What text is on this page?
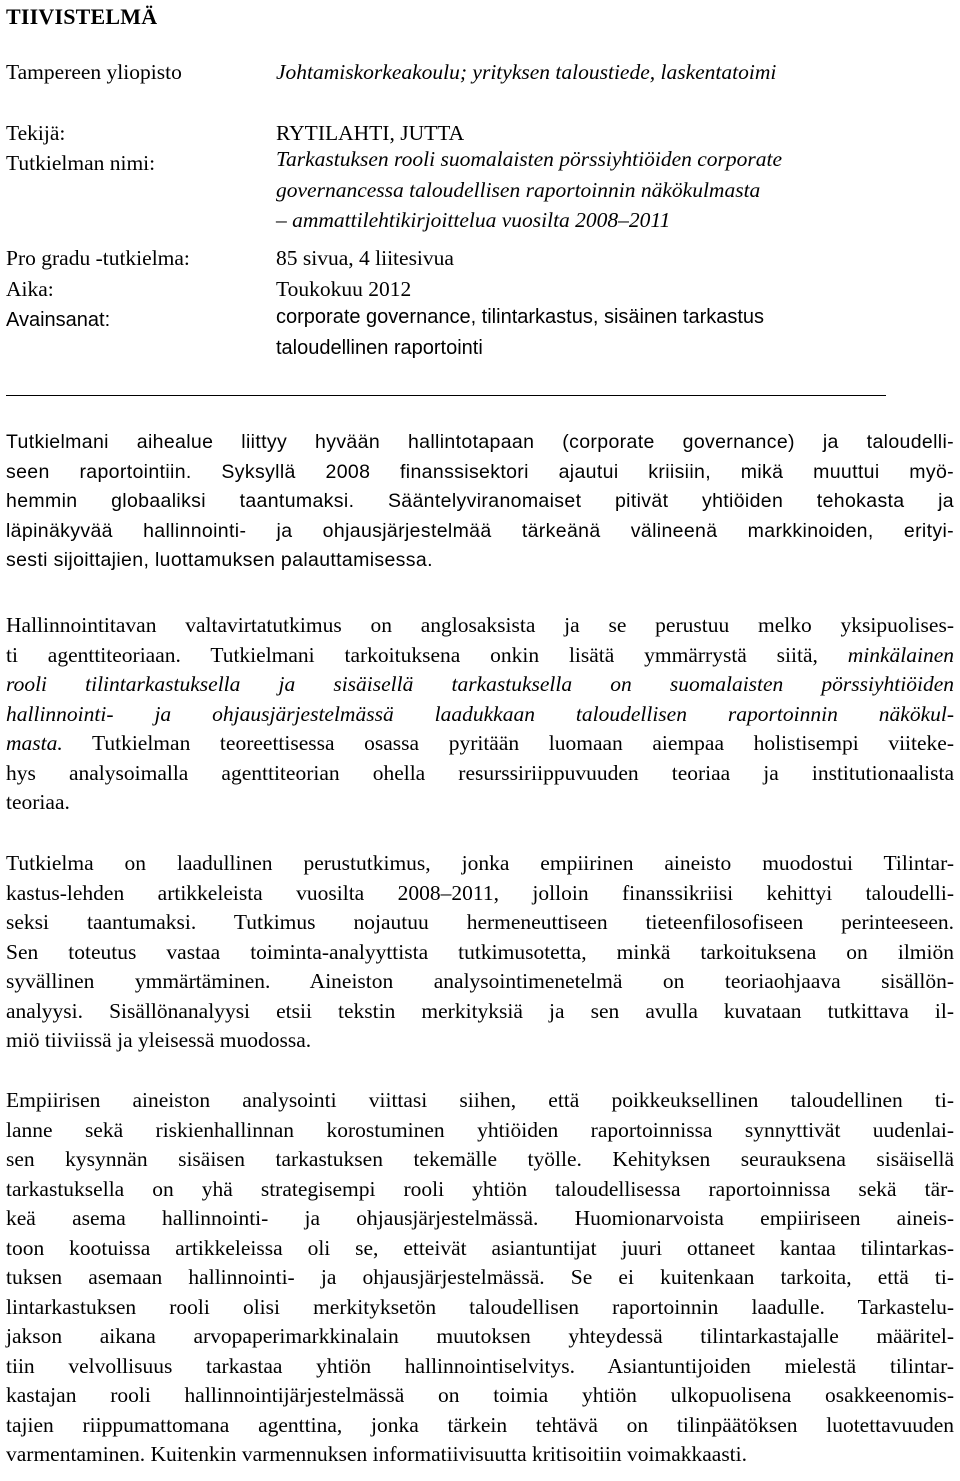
TIIVISTELMÄ
Tampereen yliopisto	Johtamiskorkeakoulu; yrityksen taloustiede, laskentatoimi
Tekijä:	RYTILAHTI, JUTTA
Tutkielman nimi:	Tarkastuksen rooli suomalaisten pörssiyhtiöiden corporate
governancessa taloudellisen raportoinnin näkökulmasta
– ammattilehtikirjoittelua vuosilta 2008–2011
Pro gradu -tutkielma:	85 sivua, 4 liitesivua
Aika:	Toukokuu 2012
Avainsanat:	corporate governance, tilintarkastus, sisäinen tarkastus
taloudellinen raportointi
Tutkielmani aihealue liittyy hyvään hallintotapaan (corporate governance) ja taloudelli-
seen raportointiin. Syksyllä 2008 finanssisektori ajautui kriisiin, mikä muuttui myö-
hemmin globaaliksi taantumaksi. Sääntelyviranomaiset pitivät yhtiöiden tehokasta ja
läpinäkyvää hallinnointi- ja ohjausjärjestelmää tärkeänä välineenä markkinoiden, erityi-
sesti sijoittajien, luottamuksen palauttamisessa.
Hallinnointitavan valtavirtatutkimus on anglosaksista ja se perustuu melko yksipuolises-
ti agenttiteoriaan. Tutkielmani tarkoituksena onkin lisätä ymmärrystä siitä, minkälainen
rooli tilintarkastuksella ja sisäisellä tarkastuksella on suomalaisten pörssiyhtiöiden
hallinnointi- ja ohjausjärjestelmässä laadukkaan taloudellisen raportoinnin näkökul-
masta. Tutkielman teoreettisessa osassa pyritään luomaan aiempaa holistisempi viiteke-
hys analysoimalla agenttiteorian ohella resurssiriippuvuuden teoriaa ja institutionaalista
teoriaa.
Tutkielma on laadullinen perustutkimus, jonka empiirinen aineisto muodostui Tilintar-
kastus-lehden artikkeleista vuosilta 2008–2011, jolloin finanssikriisi kehittyi taloudelli-
seksi taantumaksi. Tutkimus nojautuu hermeneuttiseen tieteenfilosofiseen perinteeseen.
Sen toteutus vastaa toiminta-analyyttista tutkimusotetta, minkä tarkoituksena on ilmiön
syvällinen ymmärtäminen. Aineiston analysointimenetelmä on teoriaohjaava sisällön-
analyysi. Sisällönanalyysi etsii tekstin merkityksiä ja sen avulla kuvataan tutkittava il-
miö tiiviissä ja yleisessä muodossa.
Empiirisen aineiston analysointi viittasi siihen, että poikkeuksellinen taloudellinen ti-
lanne sekä riskienhallinnan korostuminen yhtiöiden raportoinnissa synnyttivät uudenlai-
sen kysynnän sisäisen tarkastuksen tekemälle työlle. Kehityksen seurauksena sisäisellä
tarkastuksella on yhä strategisempi rooli yhtiön taloudellisessa raportoinnissa sekä tär-
keä asema hallinnointi- ja ohjausjärjestelmässä. Huomionarvoista empiiriseen aineis-
toon kootuissa artikkeleissa oli se, etteivät asiantuntijat juuri ottaneet kantaa tilintarkas-
tuksen asemaan hallinnointi- ja ohjausjärjestelmässä. Se ei kuitenkaan tarkoita, että ti-
lintarkastuksen rooli olisi merkityksetön taloudellisen raportoinnin laadulle. Tarkastelu-
jakson aikana arvopaperimarkkinalain muutoksen yhteydessä tilintarkastajalle määritel-
tiin velvollisuus tarkastaa yhtiön hallinnointiselvitys. Asiantuntijoiden mielestä tilintar-
kastajan rooli hallinnointijärjestelmässä on toimia yhtiön ulkopuolisena osakkeenomis-
tajien riippumattomana agenttina, jonka tärkein tehtävä on tilinpäätöksen luotettavuuden
varmentaminen. Kuitenkin varmennuksen informatiivisuutta kritisoitiin voimakkaasti.
